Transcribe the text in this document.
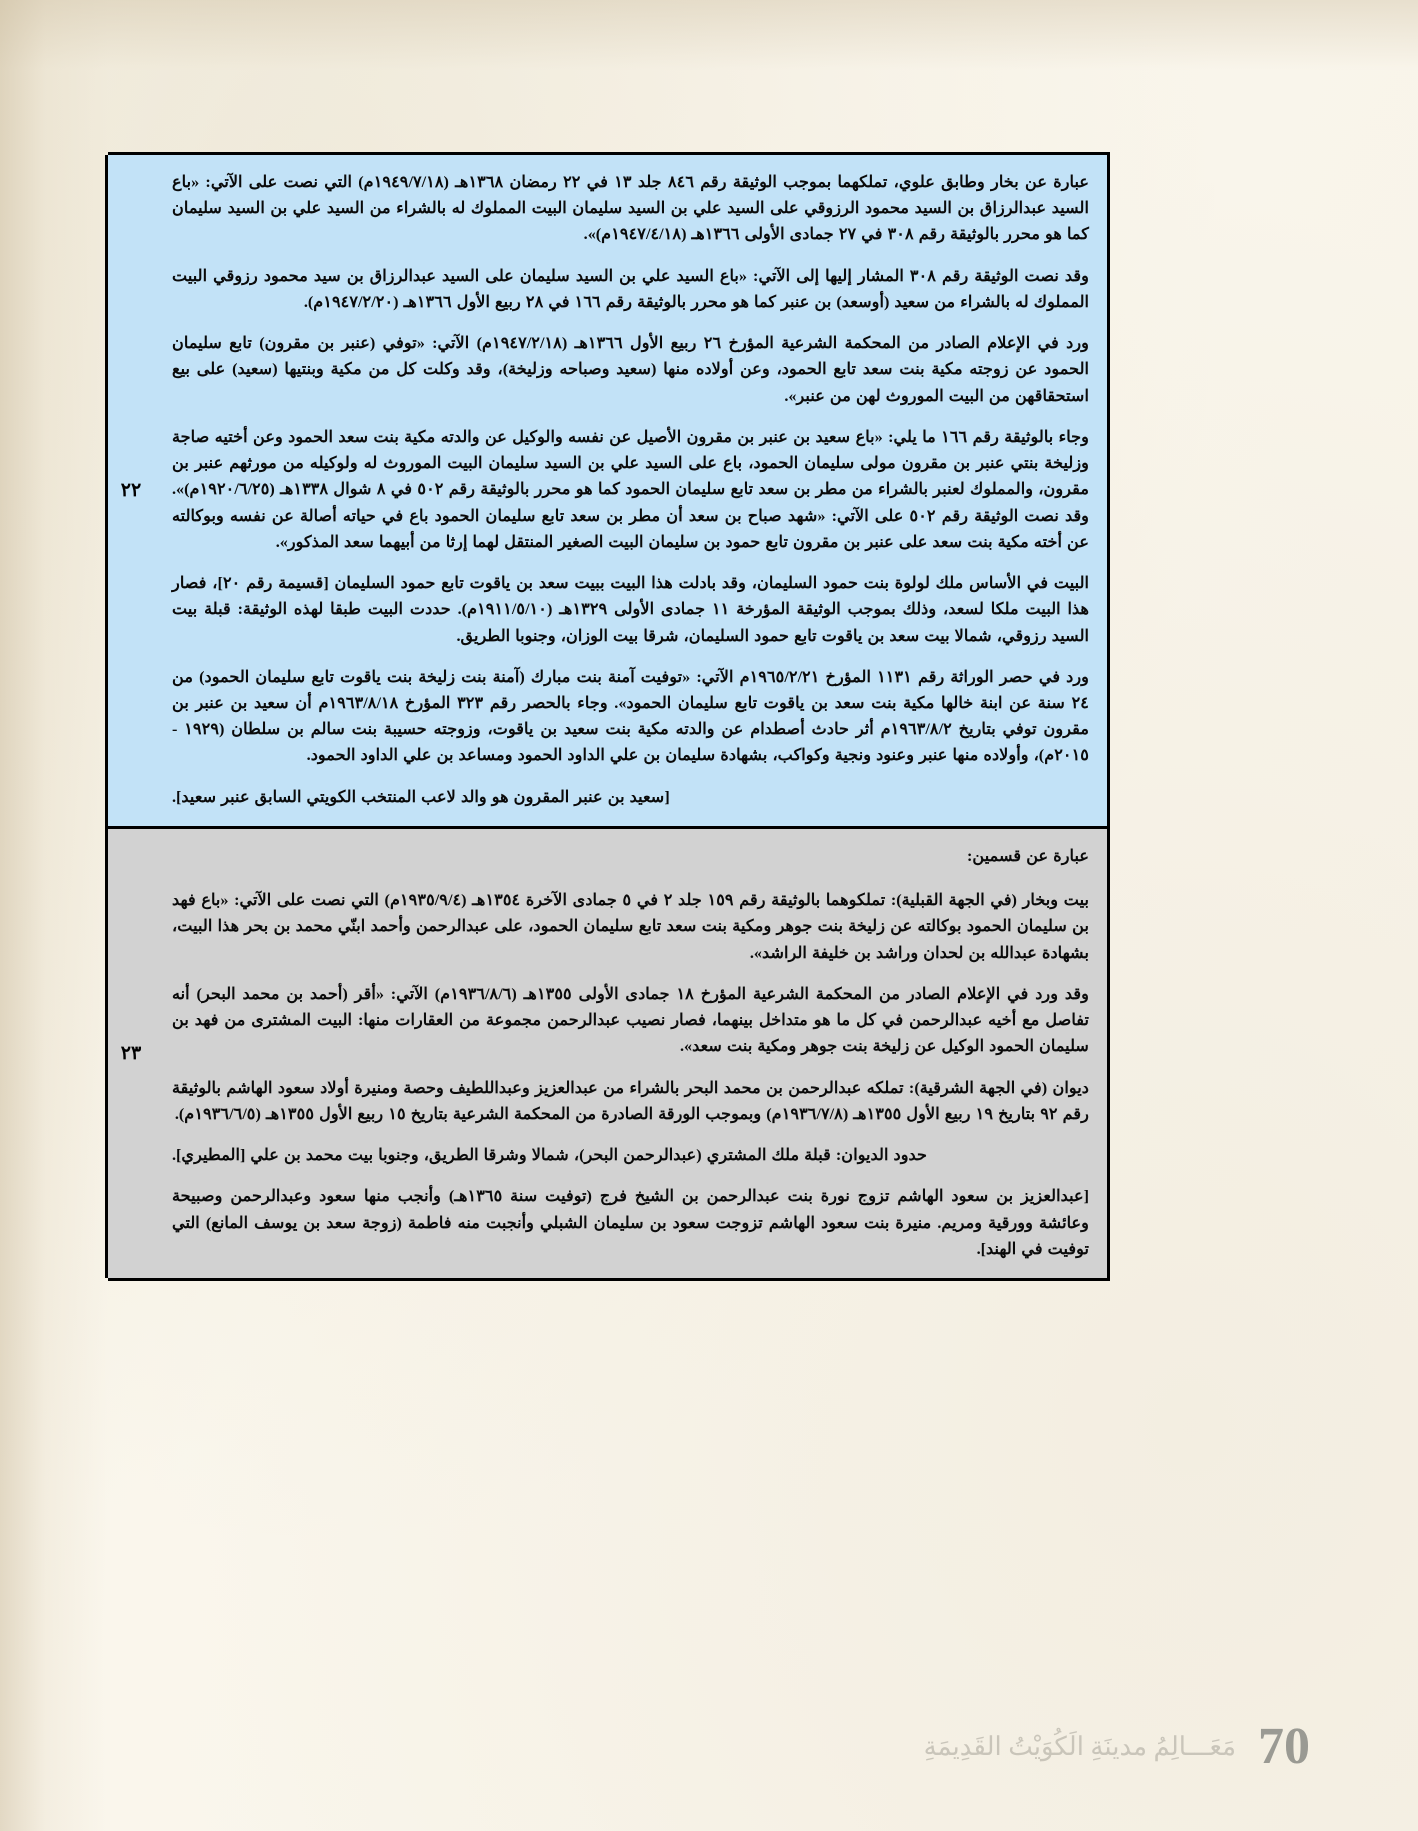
عبارة عن بخار وطابق علوي، تملكهما بموجب الوثيقة رقم ٨٤٦ جلد ١٣ في ٢٢ رمضان ١٣٦٨هـ (١٩٤٩/٧/١٨م) التي نصت على الآتي: «باع السيد عبدالرزاق بن السيد محمود الرزوقي على السيد علي بن السيد سليمان البيت المملوك له بالشراء من السيد علي بن السيد سليمان كما هو محرر بالوثيقة رقم ٣٠٨ في ٢٧ جمادى الأولى ١٣٦٦هـ (١٩٤٧/٤/١٨م)».

وقد نصت الوثيقة رقم ٣٠٨ المشار إليها إلى الآتي: «باع السيد علي بن السيد سليمان على السيد عبدالرزاق بن سيد محمود رزوقي البيت المملوك له بالشراء من سعيد (أوسعد) بن عنبر كما هو محرر بالوثيقة رقم ١٦٦ في ٢٨ ربيع الأول ١٣٦٦هـ (١٩٤٧/٢/٢٠م).

ورد في الإعلام الصادر من المحكمة الشرعية المؤرخ ٢٦ ربيع الأول ١٣٦٦هـ (١٩٤٧/٢/١٨م) الآتي: «توفي (عنبر بن مقرون) تابع سليمان الحمود عن زوجته مكية بنت سعد تابع الحمود، وعن أولاده منها (سعيد وصباحه وزليخة)، وقد وكلت كل من مكية وبنتيها (سعيد) على بيع استحقاقهن من البيت الموروث لهن من عنبر».

وجاء بالوثيقة رقم ١٦٦ ما يلي: «باع سعيد بن عنبر بن مقرون الأصيل عن نفسه والوكيل عن والدته مكية بنت سعد الحمود وعن أختيه صاجة وزليخة بنتي عنبر بن مقرون مولى سليمان الحمود، باع على السيد علي بن السيد سليمان البيت الموروث له ولوكيله من مورثهم عنبر بن مقرون، والمملوك لعنبر بالشراء من مطر بن سعد تابع سليمان الحمود كما هو محرر بالوثيقة رقم ٥٠٢ في ٨ شوال ١٣٣٨هـ (١٩٢٠/٦/٢٥م)». وقد نصت الوثيقة رقم ٥٠٢ على الآتي: «شهد صباح بن سعد أن مطر بن سعد تابع سليمان الحمود باع في حياته أصالة عن نفسه وبوكالته عن أخته مكية بنت سعد على عنبر بن مقرون تابع حمود بن سليمان البيت الصغير المنتقل لهما إرثا من أبيهما سعد المذكور».

البيت في الأساس ملك لولوة بنت حمود السليمان، وقد بادلت هذا البيت ببيت سعد بن ياقوت تابع حمود السليمان [قسيمة رقم ٢٠]، فصار هذا البيت ملكا لسعد، وذلك بموجب الوثيقة المؤرخة ١١ جمادى الأولى ١٣٢٩هـ (١٩١١/٥/١٠م). حددت البيت طبقا لهذه الوثيقة: قبلة بيت السيد رزوقي، شمالا بيت سعد بن ياقوت تابع حمود السليمان، شرقا بيت الوزان، وجنوبا الطريق.

ورد في حصر الوراثة رقم ١١٣١ المؤرخ ١٩٦٥/٢/٢١م الآتي: «توفيت آمنة بنت مبارك (آمنة بنت زليخة بنت ياقوت تابع سليمان الحمود) من ٢٤ سنة عن ابنة خالها مكية بنت سعد بن ياقوت تابع سليمان الحمود». وجاء بالحصر رقم ٣٢٣ المؤرخ ١٩٦٣/٨/١٨م أن سعيد بن عنبر بن مقرون توفي بتاريخ ١٩٦٣/٨/٢م أثر حادث أصطدام عن والدته مكية بنت سعيد بن ياقوت، وزوجته حسيبة بنت سالم بن سلطان (١٩٢٩ - ٢٠١٥م)، وأولاده منها عنبر وعنود ونجية وكواكب، بشهادة سليمان بن علي الداود الحمود ومساعد بن علي الداود الحمود.

[سعيد بن عنبر المقرون هو والد لاعب المنتخب الكويتي السابق عنبر سعيد].

	٢٢

عبارة عن قسمين:

بيت وبخار (في الجهة القبلية): تملكوهما بالوثيقة رقم ١٥٩ جلد ٢ في ٥ جمادى الآخرة ١٣٥٤هـ (١٩٣٥/٩/٤م) التي نصت على الآتي: «باع فهد بن سليمان الحمود بوكالته عن زليخة بنت جوهر ومكية بنت سعد تابع سليمان الحمود، على عبدالرحمن وأحمد ابنّي محمد بن بحر هذا البيت، بشهادة عبدالله بن لحدان وراشد بن خليفة الراشد».

وقد ورد في الإعلام الصادر من المحكمة الشرعية المؤرخ ١٨ جمادى الأولى ١٣٥٥هـ (١٩٣٦/٨/٦م) الآتي: «أقر (أحمد بن محمد البحر) أنه تفاصل مع أخيه عبدالرحمن في كل ما هو متداخل بينهما، فصار نصيب عبدالرحمن مجموعة من العقارات منها: البيت المشترى من فهد بن سليمان الحمود الوكيل عن زليخة بنت جوهر ومكية بنت سعد».

ديوان (في الجهة الشرقية): تملكه عبدالرحمن بن محمد البحر بالشراء من عبدالعزيز وعبداللطيف وحصة ومنيرة أولاد سعود الهاشم بالوثيقة رقم ٩٢ بتاريخ ١٩ ربيع الأول ١٣٥٥هـ (١٩٣٦/٧/٨م) وبموجب الورقة الصادرة من المحكمة الشرعية بتاريخ ١٥ ربيع الأول ١٣٥٥هـ (١٩٣٦/٦/٥م).

حدود الديوان: قبلة ملك المشتري (عبدالرحمن البحر)، شمالا وشرقا الطريق، وجنوبا بيت محمد بن علي [المطيري].

[عبدالعزيز بن سعود الهاشم تزوج نورة بنت عبدالرحمن بن الشيخ فرج (توفيت سنة ١٣٦٥هـ) وأنجب منها سعود وعبدالرحمن وصبيحة وعائشة وورقية ومريم. منيرة بنت سعود الهاشم تزوجت سعود بن سليمان الشبلي وأنجبت منه فاطمة (زوجة سعد بن يوسف المانع) التي توفيت في الهند].

	٢٣
70
مَعَـــالِمُ مدينَةِ الَكُوَيْتُ القَدِيمَةِ
